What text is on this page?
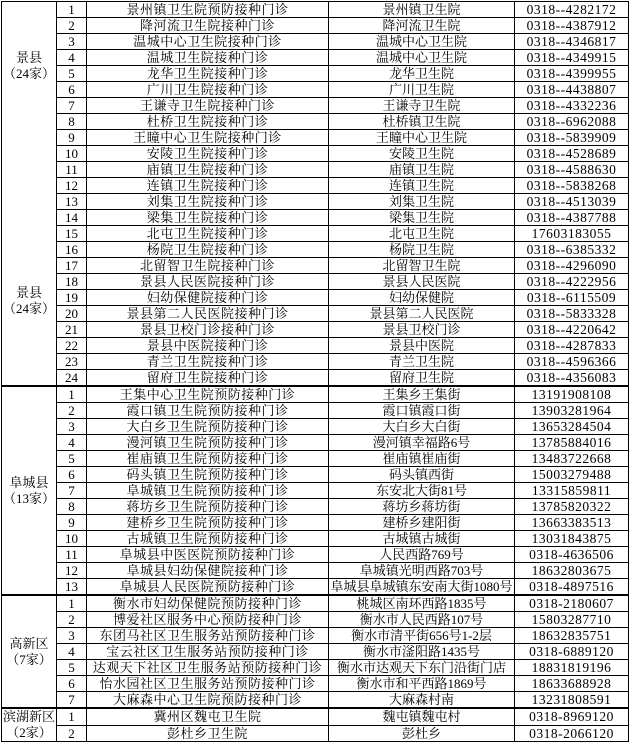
景县
（24家）
景县
（24家）	1	景州镇卫生院预防接种门诊	景州镇卫生院	0318--4282172
	2	降河流卫生院接种门诊	降河流卫生院	0318--4387912
	3	温城中心卫生院接种门诊	温城中心卫生院	0318--4346817
	4	温城卫生院接种门诊	温城中心卫生院	0318--4349915
	5	龙华卫生院接种门诊	龙华卫生院	0318--4399955
	6	广川卫生院接种门诊	广川卫生院	0318--4438807
	7	王谦寺卫生院接种门诊	王谦寺卫生院	0318--4332236
	8	杜桥卫生院接种门诊	杜桥镇卫生院	0318--6962088
	9	王瞳中心卫生院接种门诊	王瞳中心卫生院	0318--5839909
	10	安陵卫生院接种门诊	安陵卫生院	0318--4528689
	11	庙镇卫生院接种门诊	庙镇卫生院	0318--4588630
	12	连镇卫生院接种门诊	连镇卫生院	0318--5838268
	13	刘集卫生院接种门诊	刘集卫生院	0318--4513039
	14	梁集卫生院接种门诊	梁集卫生院	0318--4387788
	15	北屯卫生院接种门诊	北屯卫生院	17603183055
	16	杨院卫生院接种门诊	杨院卫生院	0318--6385332
	17	北留智卫生院接种门诊	北留智卫生院	0318--4296090
	18	景县人民医院接种门诊	景县人民医院	0318--4222956
	19	妇幼保健院接种门诊	妇幼保健院	0318--6115509
	20	景县第二人民医院接种门诊	景县第二人民医院	0318--5833328
	21	景县卫校门诊接种门诊	景县卫校门诊	0318--4220642
	22	景县中医院接种门诊	景县中医院	0318--4287833
	23	青兰卫生院接种门诊	青兰卫生院	0318--4596366
	24	留府卫生院接种门诊	留府卫生院	0318--4356083

阜城县
（13家）	1	王集中心卫生院预防接种门诊	王集乡王集街	13191908108
	2	霞口镇卫生院预防接种门诊	霞口镇霞口街	13903281964
	3	大白乡卫生院预防接种门诊	大白乡大白街	13653284504
	4	漫河镇卫生院预防接种门诊	漫河镇幸福路6号	13785884016
	5	崔庙镇卫生院预防接种门诊	崔庙镇崔庙街	13483722668
	6	码头镇卫生院预防接种门诊	码头镇西街	15003279488
	7	阜城镇卫生院预防接种门诊	东安北大街81号	13315859811
	8	蒋坊乡卫生院预防接种门诊	蒋坊乡蒋坊街	13785820322
	9	建桥乡卫生院预防接种门诊	建桥乡建阳街	13663383513
	10	古城镇卫生院预防接种门诊	古城镇古城街	13031843875
	11	阜城县中医医院预防接种门诊	人民西路769号	0318-4636506
	12	阜城县妇幼保健院接种门诊	阜城镇光明西路703号	18632803675
	13	阜城县人民医院预防接种门诊	阜城县阜城镇东安南大街1080号	0318-4897516

高新区
（7家）	1	衡水市妇幼保健院预防接种门诊	桃城区南环西路1835号	0318-2180607
	2	博爱社区服务中心预防接种门诊	衡水市人民西路107号	15803287710
	3	东团马社区卫生服务站预防接种门诊	衡水市清平街656号1-2层	18632835751
	4	宝云社区卫生服务站预防接种门诊	衡水市滏阳路1435号	0318-6889120
	5	达观天下社区卫生服务站预防接种门诊	衡水市达观天下东门沿街门店	18831819196
	6	怡水园社区卫生服务站预防接种门诊	衡水市和平西路1869号	18633688928
	7	大麻森中心卫生院预防接种门诊	大麻森村南	13231808591

滨湖新区
（2家）	1	冀州区魏屯卫生院	魏屯镇魏屯村	0318-8969120
	2	彭杜乡卫生院	彭杜乡	0318-2066120
